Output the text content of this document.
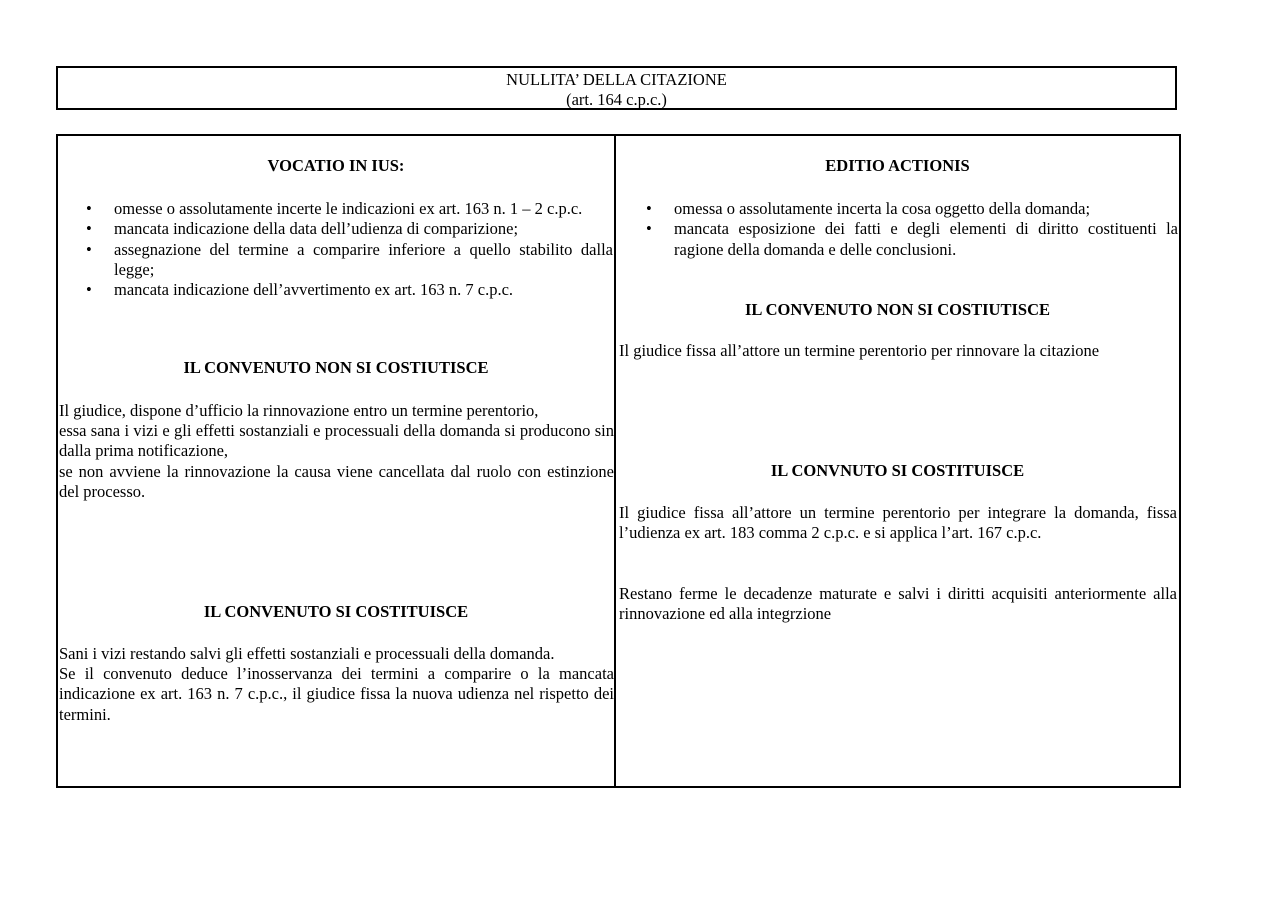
NULLITA’ DELLA CITAZIONE
(art. 164 c.p.c.)
VOCATIO IN IUS:
• omesse o assolutamente incerte le indicazioni ex art. 163 n. 1 – 2 c.p.c.
• mancata indicazione della data dell’udienza di comparizione;
• assegnazione del termine a comparire inferiore a quello stabilito dalla legge;
• mancata indicazione dell’avvertimento ex art. 163 n. 7 c.p.c.
IL CONVENUTO NON SI COSTIUTISCE
Il giudice, dispone d’ufficio la rinnovazione entro un termine perentorio,
essa sana i vizi e gli effetti sostanziali e processuali della domanda si producono sin dalla prima notificazione,
se non avviene la rinnovazione la causa viene cancellata dal ruolo con estinzione del processo.
IL CONVENUTO SI COSTITUISCE
Sani i vizi restando salvi gli effetti sostanziali e processuali della domanda.
Se il convenuto deduce l’inosservanza dei termini a comparire o la mancata indicazione ex art. 163 n. 7 c.p.c., il giudice fissa la nuova udienza nel rispetto dei termini.
EDITIO ACTIONIS
• omessa o assolutamente incerta la cosa oggetto della domanda;
• mancata esposizione dei fatti e degli elementi di diritto costituenti la ragione della domanda e delle conclusioni.
IL CONVENUTO NON SI COSTIUTISCE
Il giudice fissa all’attore un termine perentorio per rinnovare la citazione
IL CONVNUTO SI COSTITUISCE
Il giudice fissa all’attore un termine perentorio per integrare la domanda, fissa l’udienza ex art. 183 comma 2 c.p.c. e si applica l’art. 167 c.p.c.
Restano ferme le decadenze maturate e salvi i diritti acquisiti anteriormente alla rinnovazione ed alla integrzione
